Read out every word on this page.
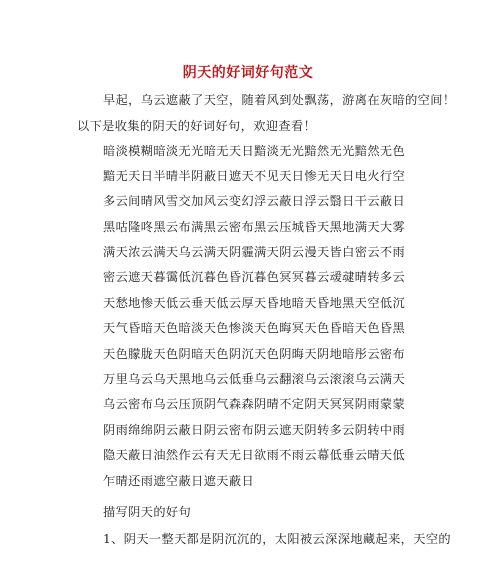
阴天的好词好句范文
早起，乌云遮蔽了天空，随着风到处飘荡，游离在灰暗的空间！
以下是收集的阴天的好词好句，欢迎查看！
暗淡模糊暗淡无光暗无天日黯淡无光黯然无光黯然无色
黯无天日半晴半阴蔽日遮天不见天日惨无天日电火行空
多云间晴风雪交加风云变幻浮云蔽日浮云翳日干云蔽日
黑咕隆咚黑云布满黑云密布黑云压城昏天黑地满天大雾
满天浓云满天乌云满天阴霾满天阴云漫天皆白密云不雨
密云遮天暮霭低沉暮色昏沉暮色冥冥暮云叆叇晴转多云
天愁地惨天低云垂天低云厚天昏地暗天昏地黑天空低沉
天气昏暗天色暗淡天色惨淡天色晦冥天色昏暗天色昏黑
天色朦胧天色阴暗天色阴沉天色阴晦天阴地暗彤云密布
万里乌云乌天黑地乌云低垂乌云翻滚乌云滚滚乌云满天
乌云密布乌云压顶阴气森森阴晴不定阴天冥冥阴雨蒙蒙
阴雨绵绵阴云蔽日阴云密布阴云遮天阴转多云阴转中雨
隐天蔽日油然作云有天无日欲雨不雨云幕低垂云晴天低
乍晴还雨遮空蔽日遮天蔽日
描写阴天的好句
1、阴天一整天都是阴沉沉的，太阳被云深深地藏起来，天空的
